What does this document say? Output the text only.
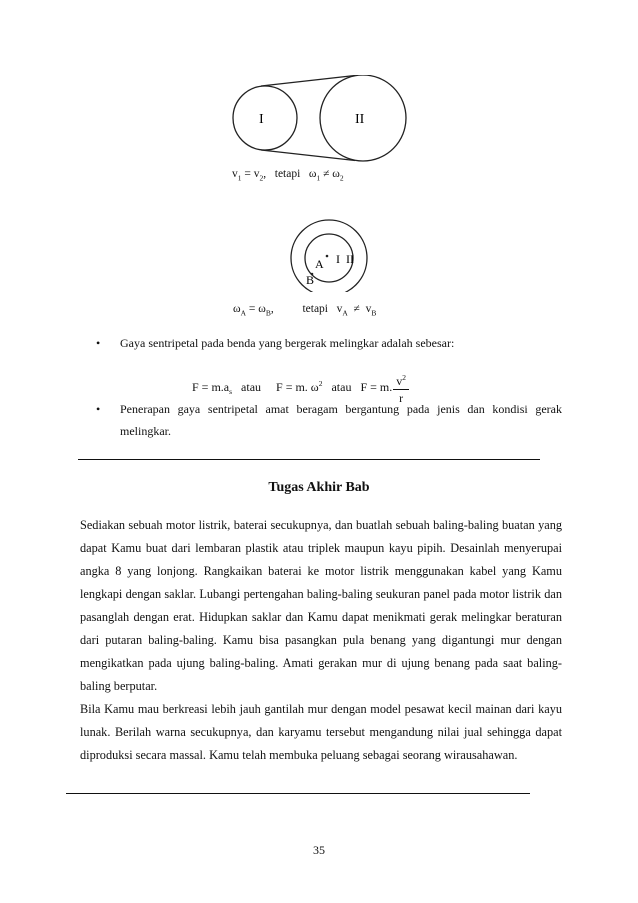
I	II
$v_1 = v_2$,   tetapi   $\omega_1 \ne \omega_2$
A I II
B
$\omega_A = \omega_B$,          tetapi   $v_A \ne v_B$
• Gaya sentripetal pada benda yang bergerak melingkar adalah sebesar:

$F = m.a_s$   atau     F = m. $\omega^2$   atau   F = m. $\frac{v^2}{r}$

• Penerapan gaya sentripetal amat beragam bergantung pada jenis dan kondisi gerak melingkar.
Tugas Akhir Bab

Sediakan sebuah motor listrik, baterai secukupnya, dan buatlah sebuah baling-baling buatan yang dapat Kamu buat dari lembaran plastik atau triplek maupun kayu pipih. Desainlah menyerupai angka 8 yang lonjong. Rangkaikan baterai ke motor listrik menggunakan kabel yang Kamu lengkapi dengan saklar. Lubangi pertengahan baling-baling seukuran panel pada motor listrik dan pasanglah dengan erat. Hidupkan saklar dan Kamu dapat menikmati gerak melingkar beraturan dari putaran baling-baling. Kamu bisa pasangkan pula benang yang digantungi mur dengan mengikatkan pada ujung baling-baling. Amati gerakan mur di ujung benang pada saat baling-baling berputar.

Bila Kamu mau berkreasi lebih jauh gantilah mur dengan model pesawat kecil mainan dari kayu lunak. Berilah warna secukupnya, dan karyamu tersebut mengandung nilai jual sehingga dapat diproduksi secara massal. Kamu telah membuka peluang sebagai seorang wirausahawan.

35
